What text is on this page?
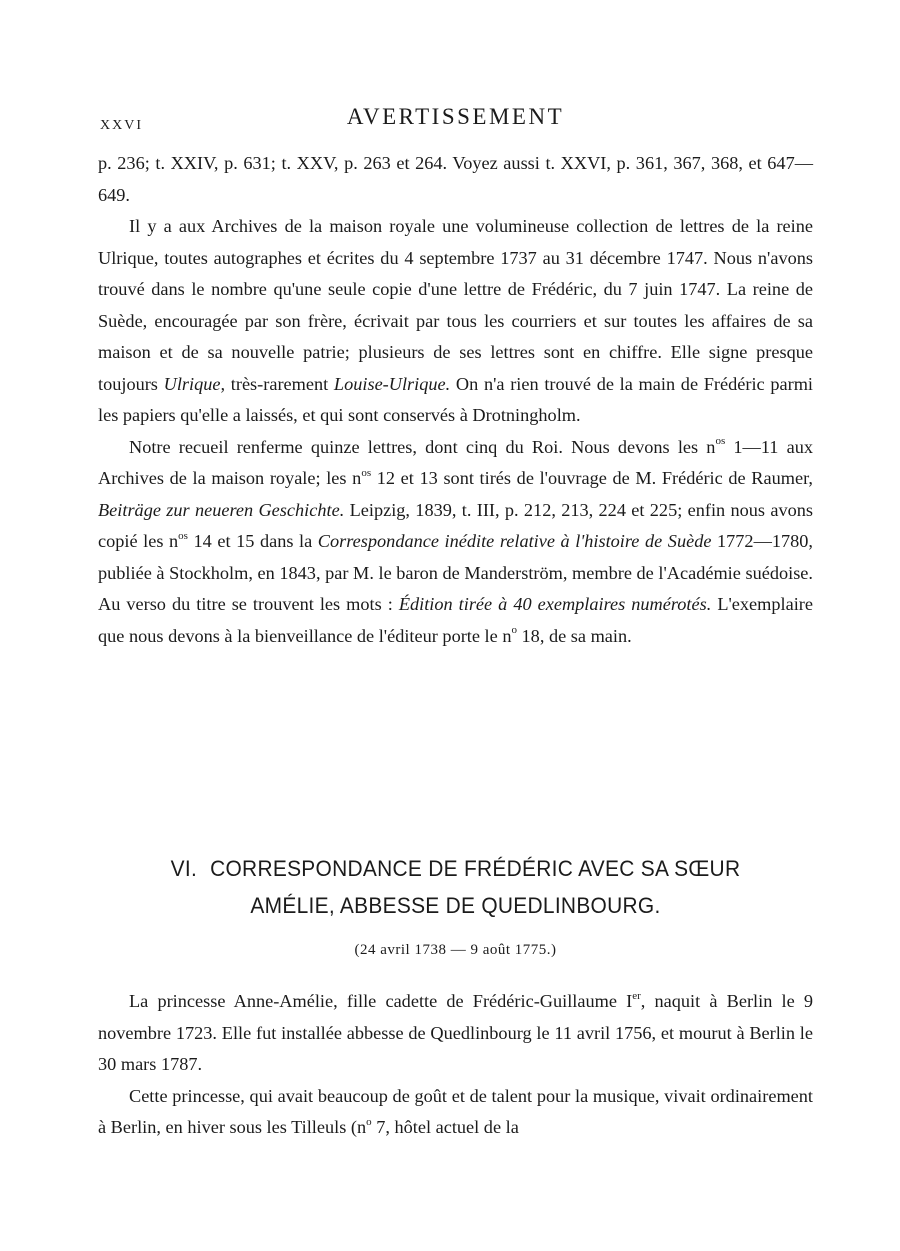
XXVI	AVERTISSEMENT

p. 236; t. XXIV, p. 631; t. XXV, p. 263 et 264. Voyez aussi t. XXVI, p. 361, 367, 368, et 647—649.

Il y a aux Archives de la maison royale une volumineuse collection de lettres de la reine Ulrique, toutes autographes et écrites du 4 septembre 1737 au 31 décembre 1747. Nous n'avons trouvé dans le nombre qu'une seule copie d'une lettre de Frédéric, du 7 juin 1747. La reine de Suède, encouragée par son frère, écrivait par tous les courriers et sur toutes les affaires de sa maison et de sa nouvelle patrie; plusieurs de ses lettres sont en chiffre. Elle signe presque toujours Ulrique, très-rarement Louise-Ulrique. On n'a rien trouvé de la main de Frédéric parmi les papiers qu'elle a laissés, et qui sont conservés à Drotningholm.

Notre recueil renferme quinze lettres, dont cinq du Roi. Nous devons les $n^{os}$ 1—11 aux Archives de la maison royale; les $n^{os}$ 12 et 13 sont tirés de l'ouvrage de M. Frédéric de Raumer, Beiträge zur neueren Geschichte. Leipzig, 1839, t. III, p. 212, 213, 224 et 225; enfin nous avons copié les $n^{os}$ 14 et 15 dans la Correspondance inédite relative à l'histoire de Suède 1772—1780, publiée à Stockholm, en 1843, par M. le baron de Manderström, membre de l'Académie suédoise. Au verso du titre se trouvent les mots : Édition tirée à 40 exemplaires numérotés. L'exemplaire que nous devons à la bienveillance de l'éditeur porte le $n^o$ 18, de sa main.

VI. CORRESPONDANCE DE FRÉDÉRIC AVEC SA SŒUR
AMÉLIE, ABBESSE DE QUEDLINBOURG.
(24 avril 1738 — 9 août 1775.)

La princesse Anne-Amélie, fille cadette de Frédéric-Guillaume Ier, naquit à Berlin le 9 novembre 1723. Elle fut installée abbesse de Quedlinbourg le 11 avril 1756, et mourut à Berlin le 30 mars 1787.

Cette princesse, qui avait beaucoup de goût et de talent pour la musique, vivait ordinairement à Berlin, en hiver sous les Tilleuls ($n^o$ 7, hôtel actuel de la
